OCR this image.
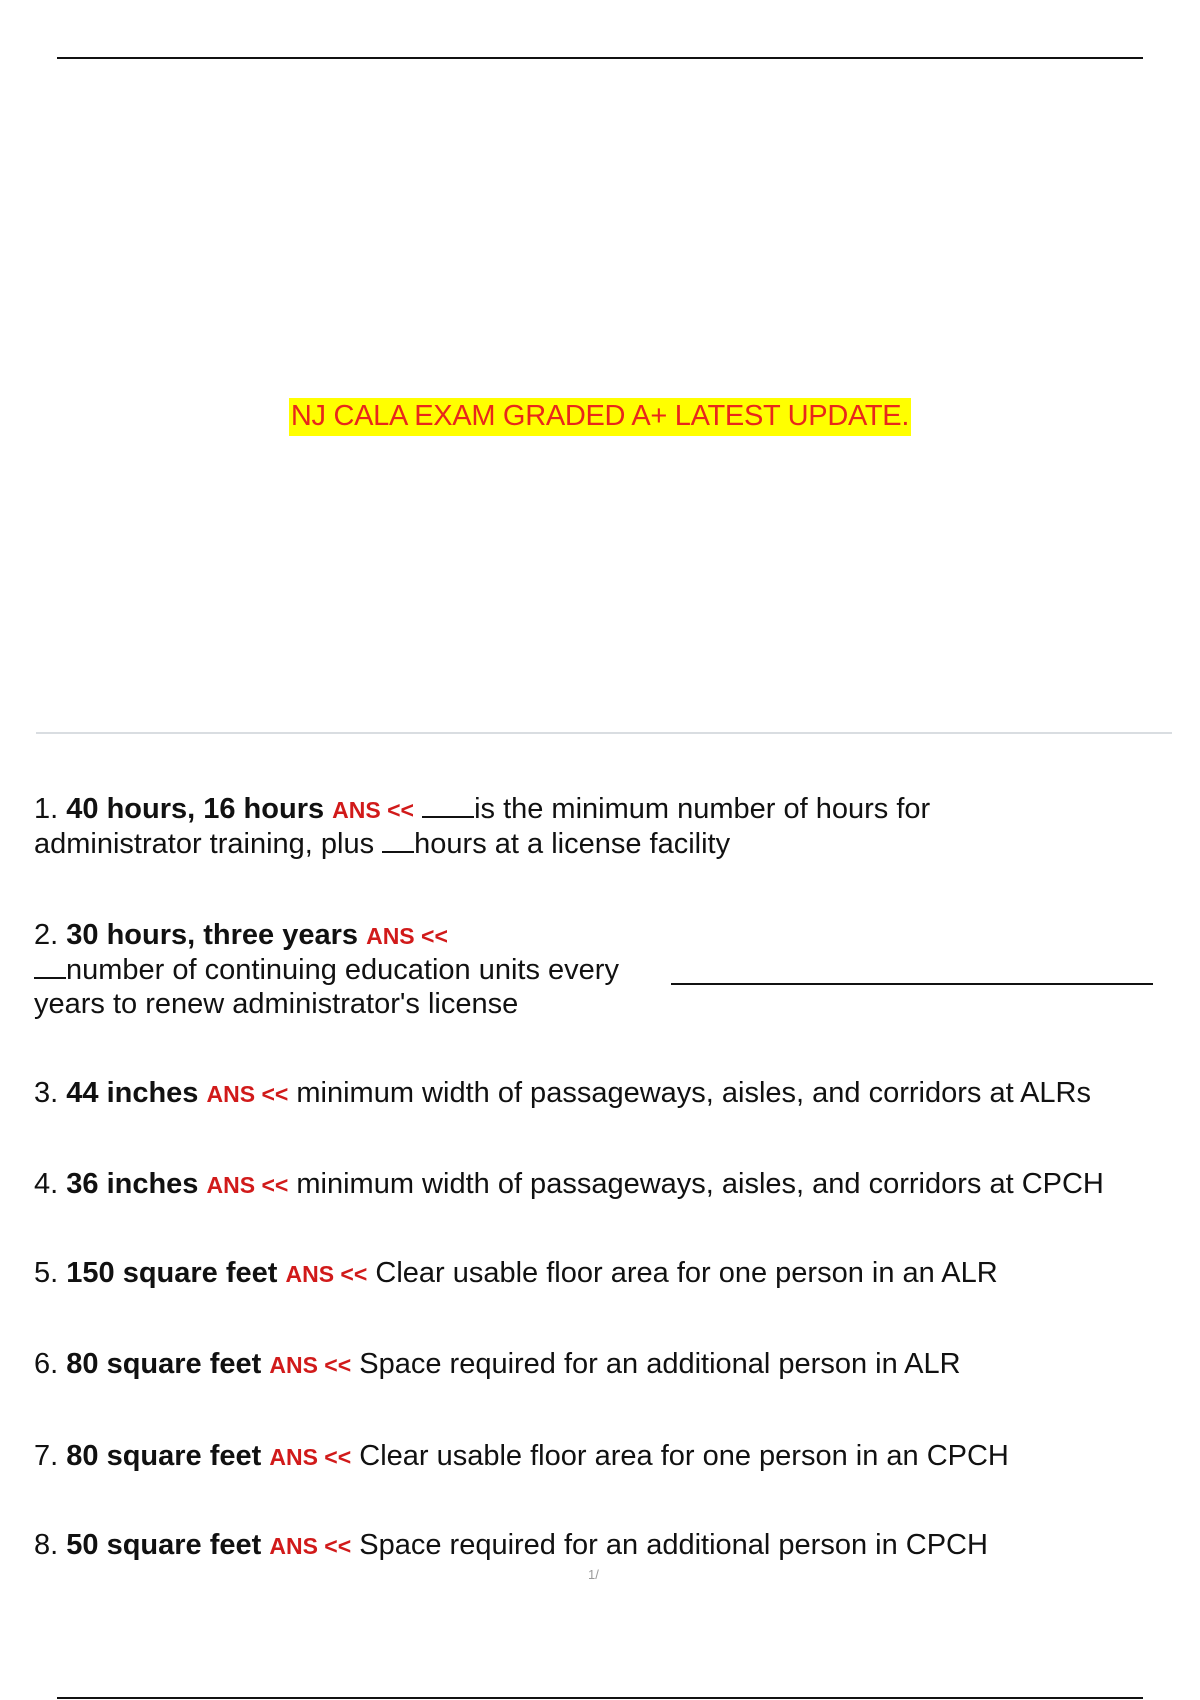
NJ CALA EXAM GRADED A+ LATEST UPDATE.
1. 40 hours, 16 hours ANS << is the minimum number of hours for
administrator training, plus hours at a license facility
2. 30 hours, three years ANS <<
number of continuing education units every
years to renew administrator's license
3. 44 inches ANS << minimum width of passageways, aisles, and corridors at ALRs
4. 36 inches ANS << minimum width of passageways, aisles, and corridors at CPCH
5. 150 square feet ANS << Clear usable floor area for one person in an ALR
6. 80 square feet ANS << Space required for an additional person in ALR
7. 80 square feet ANS << Clear usable floor area for one person in an CPCH
8. 50 square feet ANS << Space required for an additional person in CPCH
1/
